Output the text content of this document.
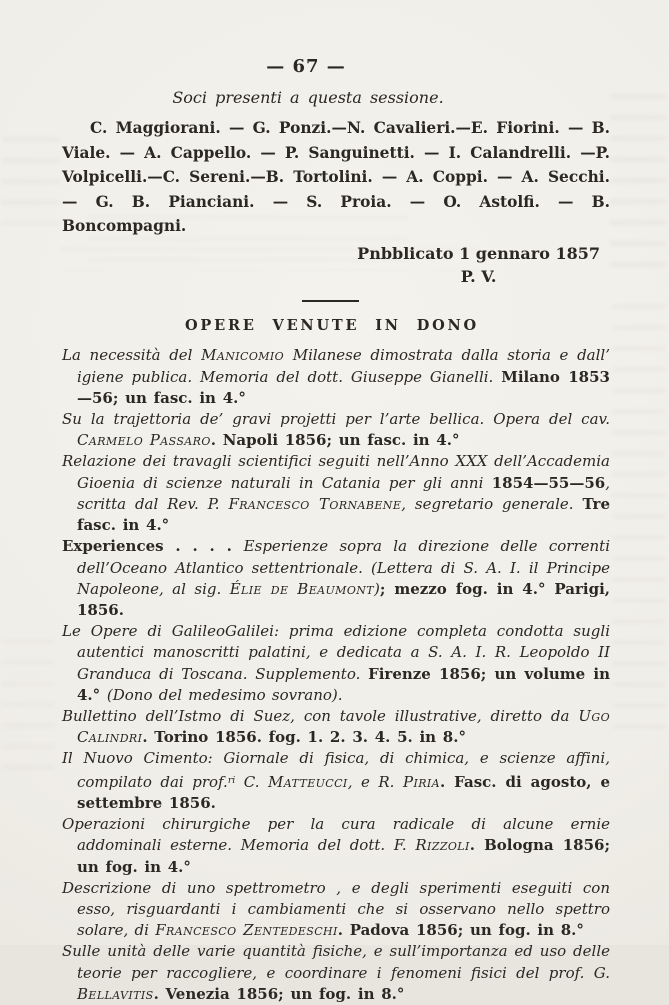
— 67 —
Soci presenti a questa sessione.

C. Maggiorani. — G. Ponzi.—N. Cavalieri.—E. Fiorini. — B. Viale. — A. Cappello. — P. Sanguinetti. — I. Calandrelli. —P. Volpicelli.—C. Sereni.—B. Tortolini. — A. Coppi. — A. Secchi. — G. B. Pianciani. — S. Proia. — O. Astolfi. — B. Boncompagni.

Pnbblicato 1 gennaro 1857
P. V.
OPERE VENUTE IN DONO

La necessità del Manicomio Milanese dimostrata dalla storia e dall’ igiene publica. Memoria del dott. Giuseppe Gianelli. Milano 1853—56; un fasc. in 4.°

Su la trajettoria de’ gravi projetti per l’arte bellica. Opera del cav. Carmelo Passaro. Napoli 1856; un fasc. in 4.°

Relazione dei travagli scientifici seguiti nell’Anno XXX dell’Accademia Gioenia di scienze naturali in Catania per gli anni 1854—55—56, scritta dal Rev. P. Francesco Tornabene, segretario generale. Tre fasc. in 4.°

Experiences . . . . Esperienze sopra la direzione delle correnti dell’Oceano Atlantico settentrionale. (Lettera di S. A. I. il Principe Napoleone, al sig. Élie de Beaumont); mezzo fog. in 4.° Parigi, 1856.

Le Opere di GalileoGalilei: prima edizione completa condotta sugli autentici manoscritti palatini, e dedicata a S. A. I. R. Leopoldo II Granduca di Toscana. Supplemento. Firenze 1856; un volume in 4.° (Dono del medesimo sovrano).

Bullettino dell’Istmo di Suez, con tavole illustrative, diretto da Ugo Calindri. Torino 1856. fog. 1. 2. 3. 4. 5. in 8.°

Il Nuovo Cimento: Giornale di fisica, di chimica, e scienze affini, compilato dai prof.$^{ri}$ C. Matteucci, e R. Piria. Fasc. di agosto, e settembre 1856.

Operazioni chirurgiche per la cura radicale di alcune ernie addominali esterne. Memoria del dott. F. Rizzoli. Bologna 1856; un fog. in 4.°

Descrizione di uno spettrometro , e degli sperimenti eseguiti con esso, risguardanti i cambiamenti che si osservano nello spettro solare, di Francesco Zentedeschi. Padova 1856; un fog. in 8.°

Sulle unità delle varie quantità fisiche, e sull’importanza ed uso delle teorie per raccogliere, e coordinare i fenomeni fisici del prof. G. Bellavitis. Venezia 1856; un fog. in 8.°
